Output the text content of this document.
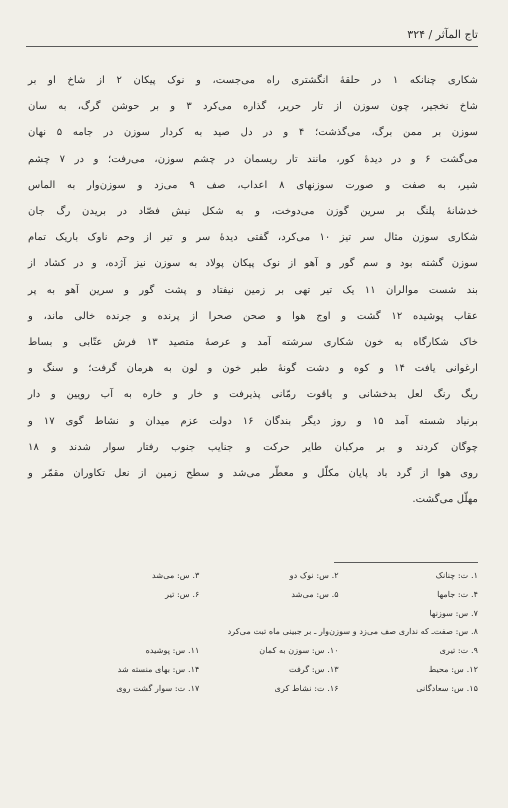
تاج المآثر / ۳۲۴

شکاری چنانکه ۱ در حلقهٔ انگشتری راه می‌جست، و نوک پیکان ۲ از شاخ او بر

شاخ نخجیر، چون سوزن از تار حریر، گذاره می‌کرد ۳ و بر حوشن گرگ، به سان

سوزن بر ممن برگ، می‌گذشت؛ ۴ و در دل صید به کردار سوزن در جامه ۵ نهان

می‌گشت ۶ و در دیدهٔ کور، مانند تار ریسمان در چشم سوزن، می‌رفت؛ و در ۷ چشم

شیر، به صفت و صورت سوزنهای ۸ اعداب، صف ۹ می‌زد و سوزن‌وار به الماس

خدشانهٔ پلنگ بر سرین گوزن می‌دوخت، و به شکل نیش فصّاد در بریدن رگ جان

شکاری سوزن مثال سر تیز ۱۰ می‌کرد، گفتی دیدهٔ سر و تیر از وحم ناوک باریک تمام

سوزن گشته بود و سم گور و آهو از نوک پیکان پولاد به سوزن نیز آژده، و در کشاد از

بند شست موالران ۱۱ یک تیر تهی بر زمین نیفتاد و پشت گور و سرین آهو به پر

عقاب پوشیده ۱۲ گشت و اوج هوا و صحن صحرا از پرنده و جرنده خالی ماند، و

خاک شکارگاه به خون شکاری سرشته آمد و عرصهٔ متصید ۱۳ فرش عتّابی و بساط

ارغوانی یافت ۱۴ و کوه و دشت گونهٔ طبر خون و لون به هرمان گرفت؛ و سنگ و

ریگ رنگ لعل بدخشانی و یاقوت رمّانی پذیرفت و خار و خاره به آب رویین و دار

برنیاد شسته آمد ۱۵ و روز دیگر بندگان ۱۶ دولت عزم میدان و نشاط گوی ۱۷ و

چوگان کردند و بر مرکبان طایر حرکت و جنایب جنوب رفتار سوار شدند و ۱۸

روی هوا از گرد باد پایان مکلّل و معطّر می‌شد و سطح زمین از نعل تکاوران مقمّر و

مهلّل می‌گشت.

۱. ت: چنانک
۲. س: نوک دو
۳. س: می‌شد
۴. ت: جامها
۵. س: می‌شد
۶. س: تیر
۷. س: سوزنها
۸. س: صفت‌ـ که نداری صف می‌زد و سوزن‌وار ـ بر جبینی ماه تبت می‌کرد
۹. ت: تیری
۱۰. س: سوزن به کمان
۱۱. س: پوشیده
۱۲. س: محیط
۱۳. س: گرفت
۱۴. س: بهای منسته شد
۱۵. س: سعادگانی
۱۶. ت: نشاط کری
۱۷. ت: سوار گشت روی
